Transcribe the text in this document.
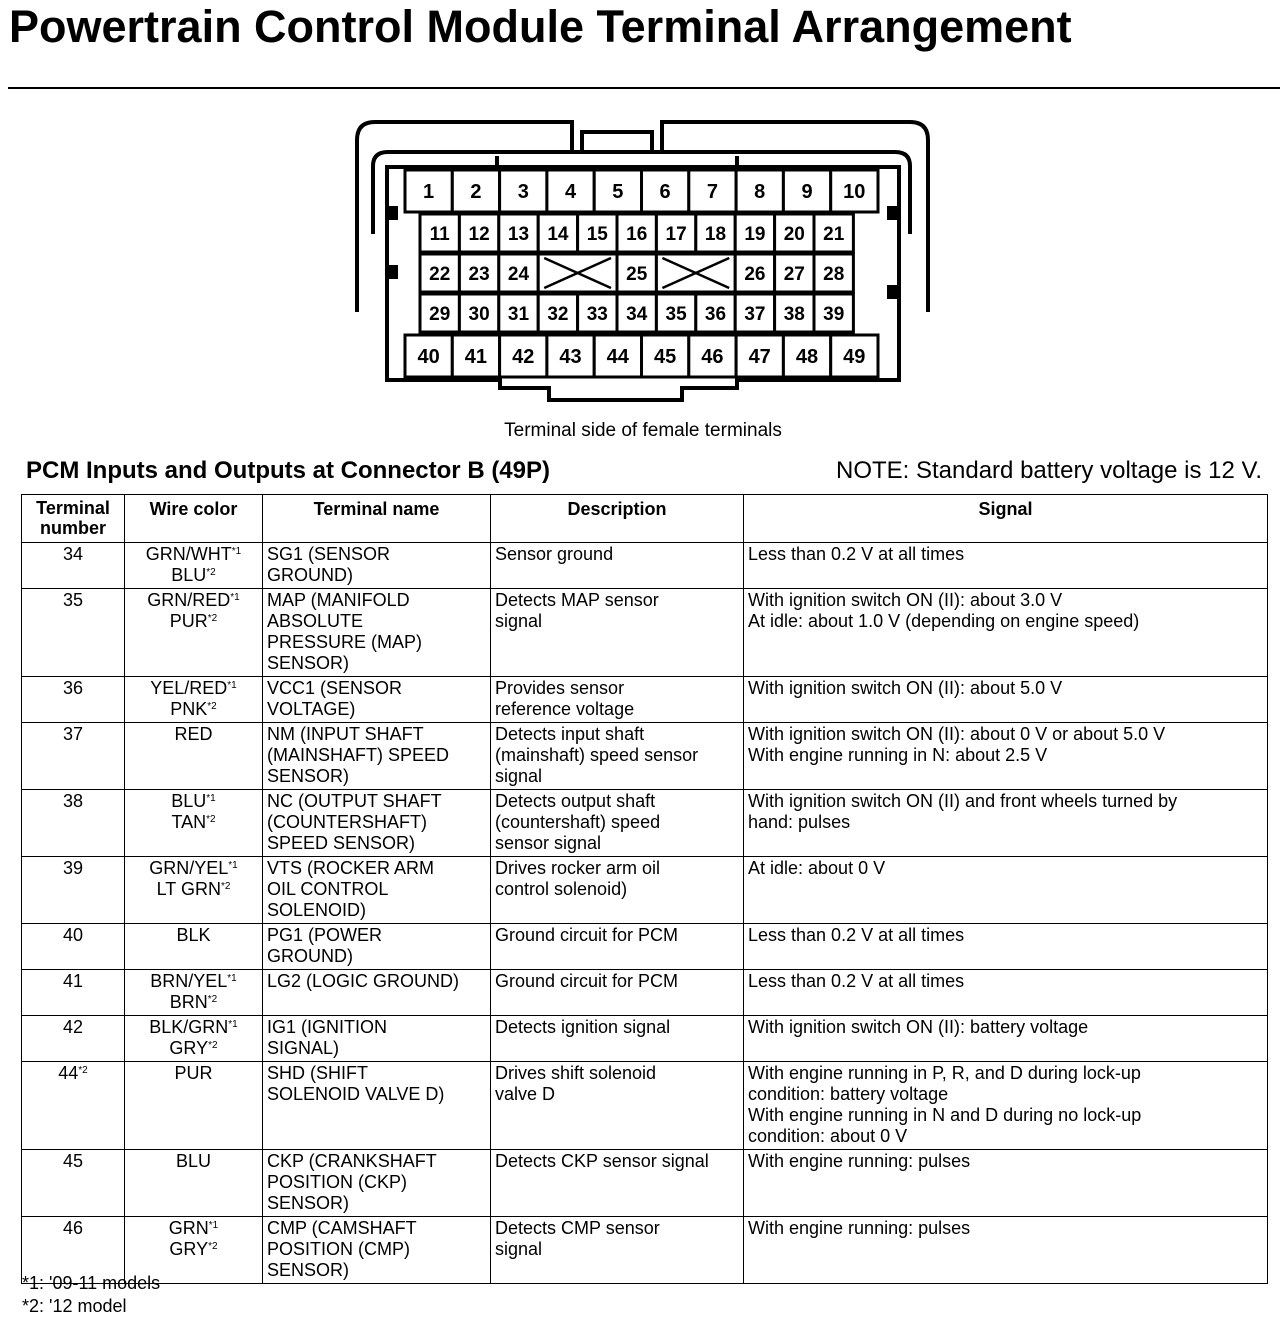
Powertrain Control Module Terminal Arrangement
1 2 3 4 5 6 7 8 9 10
11 12 13 14 15 16 17 18 19 20 21
22 23 24	25	26 27 28
29 30 31 32 33 34 35 36 37 38 39
40 41 42 43 44 45 46 47 48 49
Terminal side of female terminals
PCM Inputs and Outputs at Connector B (49P)	NOTE: Standard battery voltage is 12 V.
Terminal
number	Wire color	Terminal name	Description	Signal
34	GRN/WHT$^{*1}$
BLU$^{*2}$	SG1 (SENSOR
GROUND)	Sensor ground	Less than 0.2 V at all times

35	GRN/RED$^{*1}$
PUR$^{*2}$	MAP (MANIFOLD
ABSOLUTE
PRESSURE (MAP)
SENSOR)	Detects MAP sensor
signal	With ignition switch ON (II): about 3.0 V
At idle: about 1.0 V (depending on engine speed)

36	YEL/RED$^{*1}$
PNK$^{*2}$	VCC1 (SENSOR
VOLTAGE)	Provides sensor
reference voltage	With ignition switch ON (II): about 5.0 V

37	RED	NM (INPUT SHAFT
(MAINSHAFT) SPEED
SENSOR)	Detects input shaft
(mainshaft) speed sensor
signal	With ignition switch ON (II): about 0 V or about 5.0 V
With engine running in N: about 2.5 V

38	BLU$^{*1}$
TAN$^{*2}$	NC (OUTPUT SHAFT
(COUNTERSHAFT)
SPEED SENSOR)	Detects output shaft
(countershaft) speed
sensor signal	With ignition switch ON (II) and front wheels turned by
hand: pulses

39	GRN/YEL$^{*1}$
LT GRN$^{*2}$	VTS (ROCKER ARM
OIL CONTROL
SOLENOID)	Drives rocker arm oil
control solenoid)	At idle: about 0 V

40	BLK	PG1 (POWER
GROUND)	Ground circuit for PCM	Less than 0.2 V at all times

41	BRN/YEL$^{*1}$
BRN$^{*2}$	LG2 (LOGIC GROUND)	Ground circuit for PCM	Less than 0.2 V at all times

42	BLK/GRN$^{*1}$
GRY$^{*2}$	IG1 (IGNITION
SIGNAL)	Detects ignition signal	With ignition switch ON (II): battery voltage

44$^{*2}$	PUR	SHD (SHIFT
SOLENOID VALVE D)	Drives shift solenoid
valve D	With engine running in P, R, and D during lock-up
condition: battery voltage
With engine running in N and D during no lock-up
condition: about 0 V

45	BLU	CKP (CRANKSHAFT
POSITION (CKP)
SENSOR)	Detects CKP sensor signal	With engine running: pulses

46	GRN$^{*1}$
GRY$^{*2}$	CMP (CAMSHAFT
POSITION (CMP)
SENSOR)	Detects CMP sensor
signal	With engine running: pulses
*1: '09-11 models
*2: '12 model
